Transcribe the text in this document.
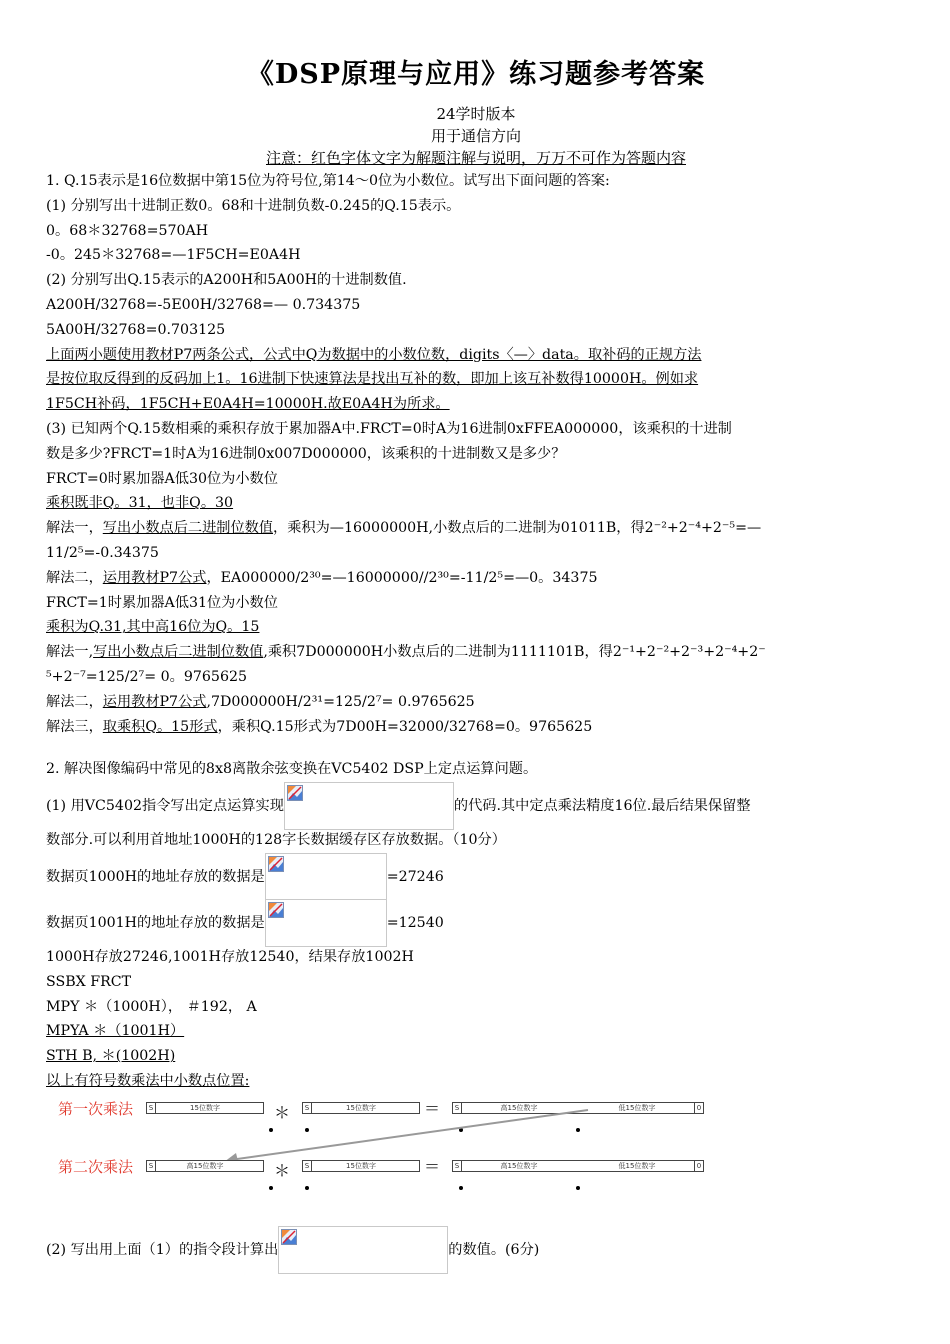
《DSP原理与应用》练习题参考答案
24学时版本
用于通信方向
注意：红色字体文字为解题注解与说明，万万不可作为答题内容
1. Q.15表示是16位数据中第15位为符号位,第14～0位为小数位。试写出下面问题的答案:
(1) 分别写出十进制正数0。68和十进制负数-0.245的Q.15表示。
0。68＊32768=570AH
-0。245＊32768=—1F5CH=E0A4H
(2) 分别写出Q.15表示的A200H和5A00H的十进制数值.
A200H/32768=-5E00H/32768=— 0.734375
5A00H/32768=0.703125
上面两小题使用教材P7两条公式，公式中Q为数据中的小数位数，digits〈—〉data。取补码的正规方法
是按位取反得到的反码加上1。16进制下快速算法是找出互补的数，即加上该互补数得10000H。例如求
1F5CH补码，1F5CH+E0A4H=10000H.故E0A4H为所求。
(3) 已知两个Q.15数相乘的乘积存放于累加器A中.FRCT=0时A为16进制0xFFEA000000，该乘积的十进制
数是多少?FRCT=1时A为16进制0x007D000000，该乘积的十进制数又是多少？
FRCT=0时累加器A低30位为小数位
乘积既非Q。31，也非Q。30
解法一，写出小数点后二进制位数值，乘积为—16000000H,小数点后的二进制为01011B，得2⁻²+2⁻⁴+2⁻⁵=—
11/2⁵=-0.34375
解法二，运用教材P7公式，EA000000/2³⁰=—16000000//2³⁰=-11/2⁵=—0。34375
FRCT=1时累加器A低31位为小数位
乘积为Q.31,其中高16位为Q。15
解法一,写出小数点后二进制位数值,乘积7D000000H小数点后的二进制为1111101B，得2⁻¹+2⁻²+2⁻³+2⁻⁴+2⁻
⁵+2⁻⁷=125/2⁷= 0。9765625
解法二，运用教材P7公式,7D000000H/2³¹=125/2⁷= 0.9765625
解法三，取乘积Q。15形式，乘积Q.15形式为7D00H=32000/32768=0。9765625
2. 解决图像编码中常见的8x8离散余弦变换在VC5402 DSP上定点运算问题。
(1) 用VC5402指令写出定点运算实现	的代码.其中定点乘法精度16位.最后结果保留整
数部分.可以利用首地址1000H的128字长数据缓存区存放数据。（10分）
数据页1000H的地址存放的数据是	=27246
数据页1001H的地址存放的数据是	=12540
1000H存放27246,1001H存放12540，结果存放1002H
SSBX FRCT
MPY ＊（1000H）， ＃192， A
MPYA ＊（1001H）
STH B, ＊(1002H)
以上有符号数乘法中小数点位置:
第一次乘法 S	15位数字	＊ S	15位数字	＝ S	高15位数字	低15位数字	0
第二次乘法 S	高15位数字	＊ S	15位数字	＝ S	高15位数字	低15位数字	0
(2) 写出用上面（1）的指令段计算出	的数值。(6分)
